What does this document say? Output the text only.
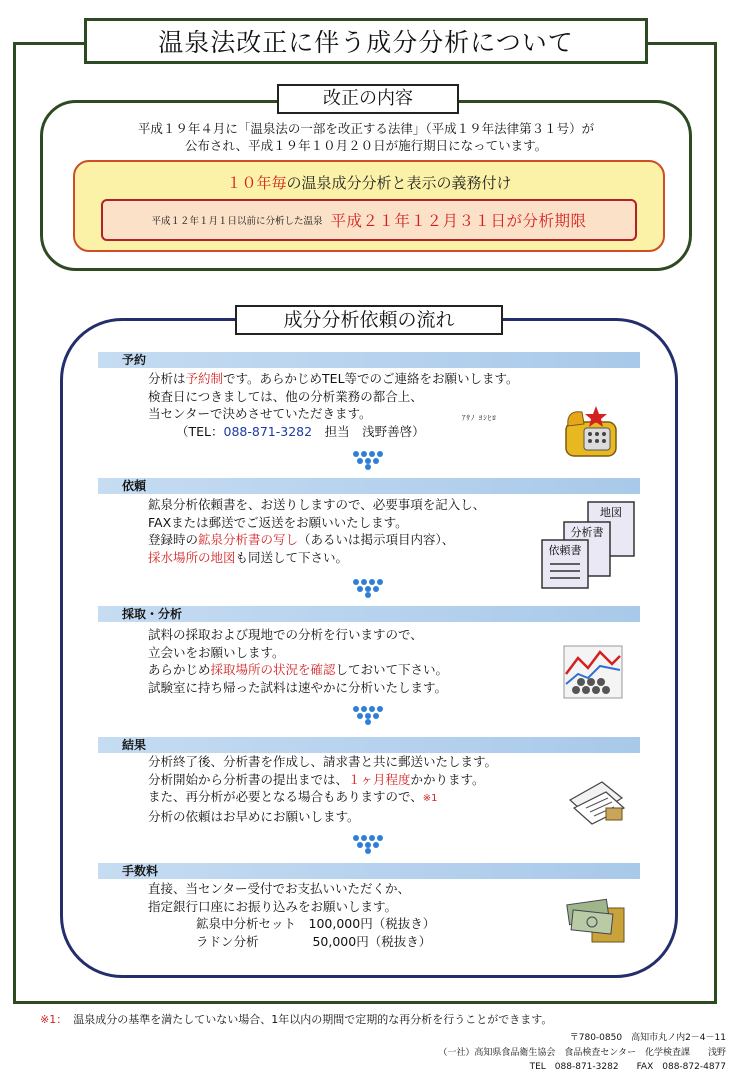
温泉法改正に伴う成分分析について
改正の内容
平成１９年４月に「温泉法の一部を改正する法律」（平成１９年法律第３１号）が
公布され、平成１９年１０月２０日が施行期日になっています。
１０年毎の温泉成分分析と表示の義務付け
平成１２年１月１日以前に分析した温泉 平成２１年１２月３１日が分析期限
成分分析依頼の流れ
予約
分析は予約制です。あらかじめTEL等でのご連絡をお願いします。
検査日につきましては、他の分析業務の都合上、
当センターで決めさせていただきます。
（TEL：088-871-3282　担当　浅野善啓）
ｱｻﾉ ﾖｼﾋﾛ
依頼
鉱泉分析依頼書を、お送りしますので、必要事項を記入し、
FAXまたは郵送でご返送をお願いいたします。
登録時の鉱泉分析書の写し（あるいは掲示項目内容）、
採水場所の地図も同送して下さい。
地図
分析書
依頼書
採取・分析
試料の採取および現地での分析を行いますので、
立会いをお願いします。
あらかじめ採取場所の状況を確認しておいて下さい。
試験室に持ち帰った試料は速やかに分析いたします。
結果
分析終了後、分析書を作成し、請求書と共に郵送いたします。
分析開始から分析書の提出までは、１ヶ月程度かかります。
また、再分析が必要となる場合もありますので、※1
分析の依頼はお早めにお願いします。
手数料
直接、当センター受付でお支払いいただくか、
指定銀行口座にお振り込みをお願いします。
鉱泉中分析セット　100,000円（税抜き）
ラドン分析　　　　 50,000円（税抜き）
※1： 温泉成分の基準を満たしていない場合、1年以内の期間で定期的な再分析を行うことができます。
〒780-0850　高知市丸ノ内2－4－11
（一社）高知県食品衛生協会　食品検査センター　化学検査課　　浅野
TEL　088-871-3282　　FAX　088-872-4877
